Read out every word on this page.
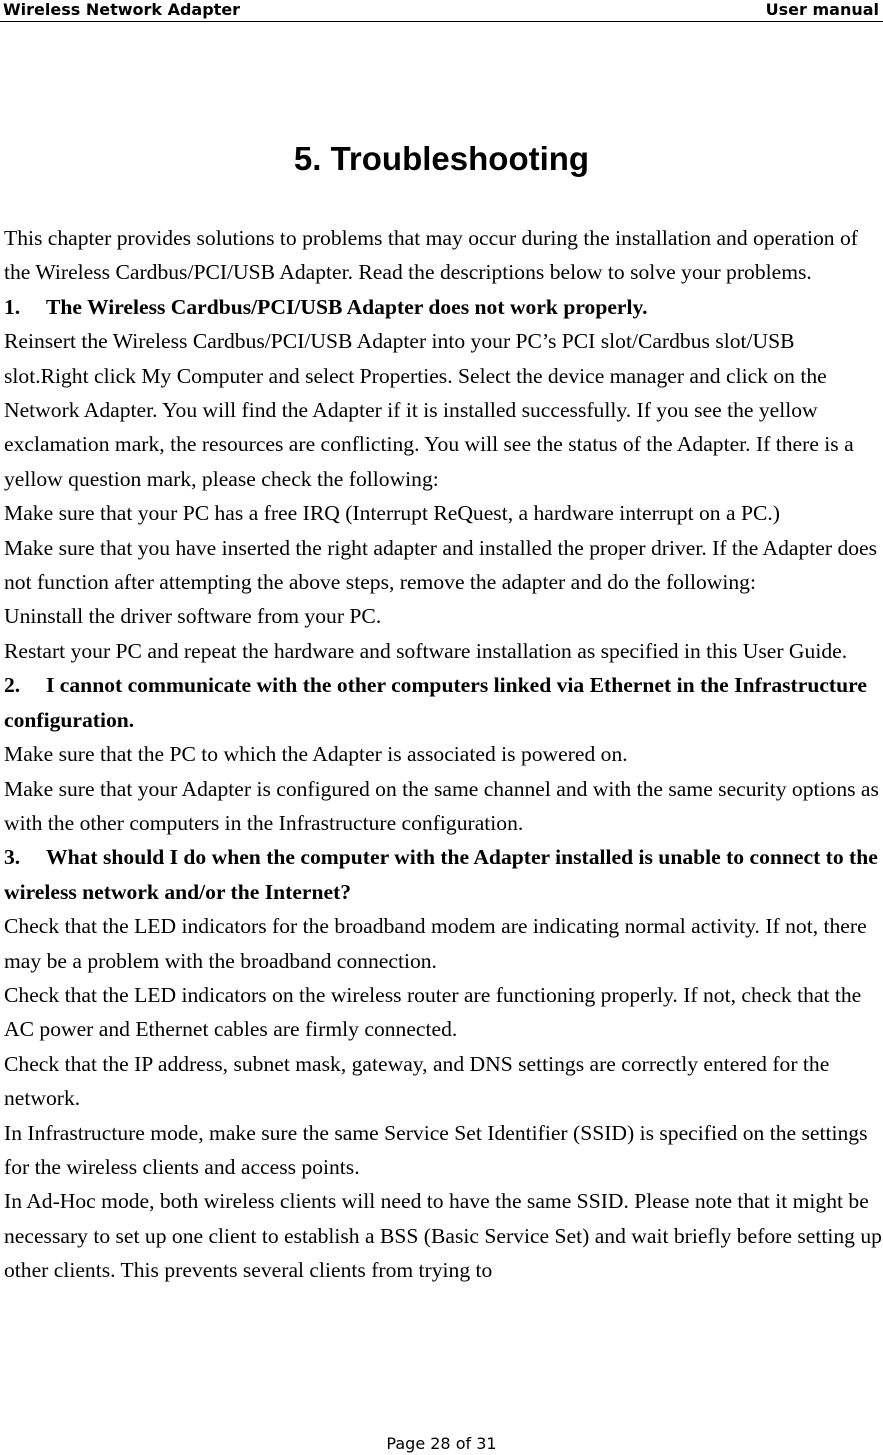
Wireless Network Adapter	User manual
5. Troubleshooting

This chapter provides solutions to problems that may occur during the installation and operation of the Wireless Cardbus/PCI/USB Adapter. Read the descriptions below to solve your problems.

1. The Wireless Cardbus/PCI/USB Adapter does not work properly.

Reinsert the Wireless Cardbus/PCI/USB Adapter into your PC’s PCI slot/Cardbus slot/USB slot.Right click My Computer and select Properties. Select the device manager and click on the Network Adapter. You will find the Adapter if it is installed successfully. If you see the yellow exclamation mark, the resources are conflicting. You will see the status of the Adapter. If there is a yellow question mark, please check the following:

Make sure that your PC has a free IRQ (Interrupt ReQuest, a hardware interrupt on a PC.)

Make sure that you have inserted the right adapter and installed the proper driver. If the Adapter does not function after attempting the above steps, remove the adapter and do the following:

Uninstall the driver software from your PC.

Restart your PC and repeat the hardware and software installation as specified in this User Guide.

2. I cannot communicate with the other computers linked via Ethernet in the Infrastructure configuration.

Make sure that the PC to which the Adapter is associated is powered on.

Make sure that your Adapter is configured on the same channel and with the same security options as with the other computers in the Infrastructure configuration.

3. What should I do when the computer with the Adapter installed is unable to connect to the wireless network and/or the Internet?

Check that the LED indicators for the broadband modem are indicating normal activity. If not, there may be a problem with the broadband connection.

Check that the LED indicators on the wireless router are functioning properly. If not, check that the AC power and Ethernet cables are firmly connected.

Check that the IP address, subnet mask, gateway, and DNS settings are correctly entered for the network.

In Infrastructure mode, make sure the same Service Set Identifier (SSID) is specified on the settings for the wireless clients and access points.

In Ad-Hoc mode, both wireless clients will need to have the same SSID. Please note that it might be necessary to set up one client to establish a BSS (Basic Service Set) and wait briefly before setting up other clients. This prevents several clients from trying to

Page 28 of 31
